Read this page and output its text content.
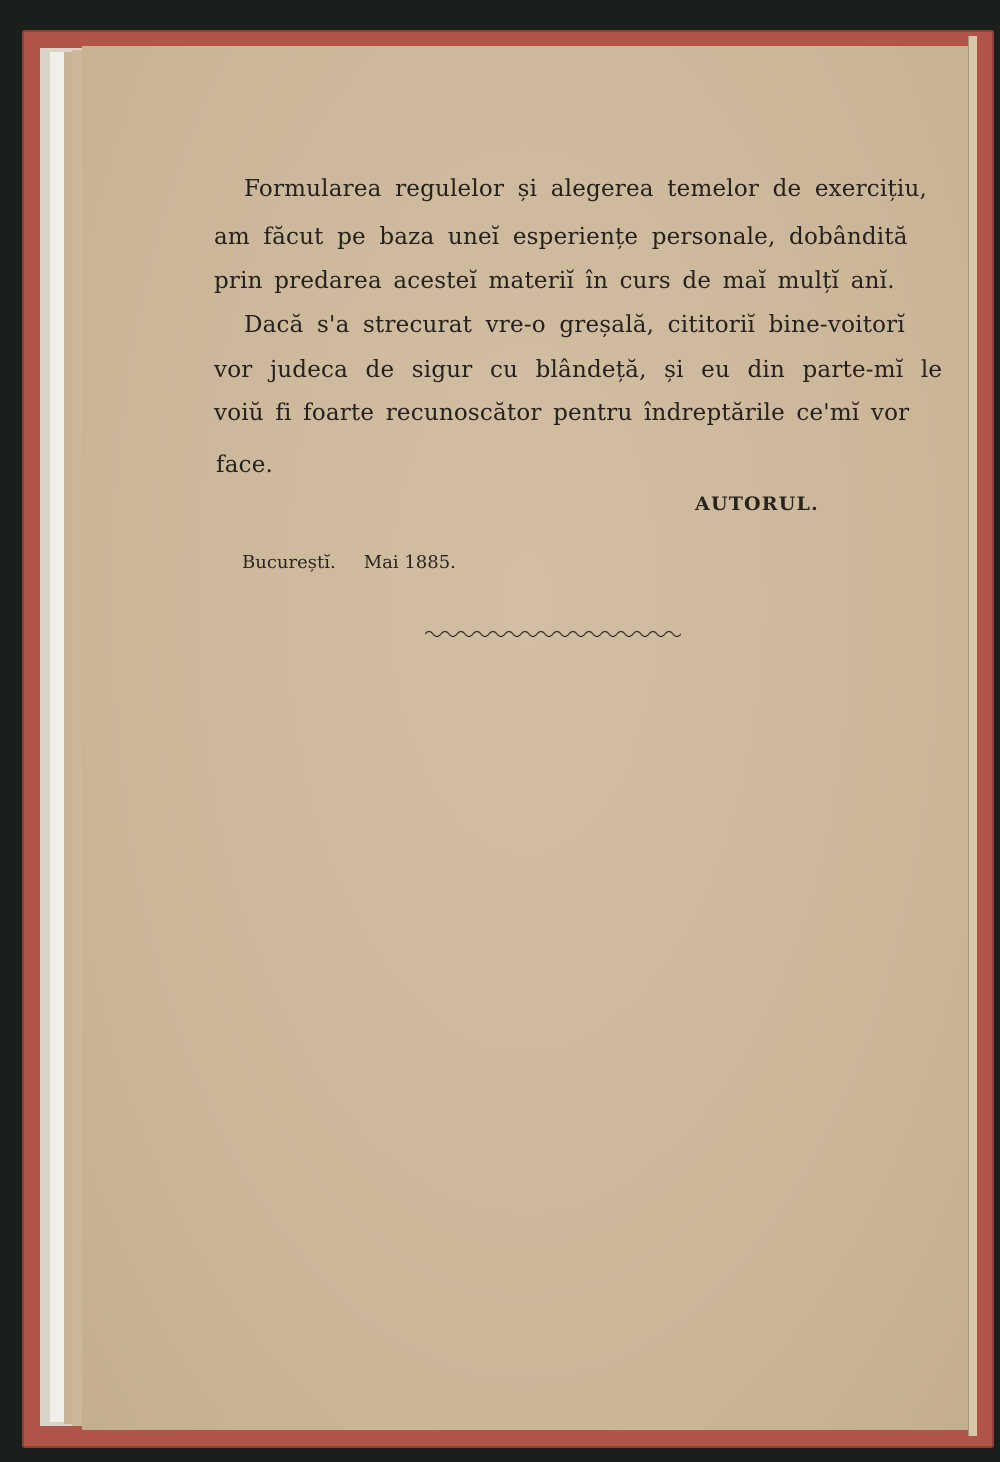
Formularea regulelor și alegerea temelor de exercițiu,
am făcut pe baza uneĭ esperiențe personale, dobândită
prin predarea acesteĭ materiĭ în curs de maĭ mulțĭ anĭ.
Dacă s'a strecurat vre-o greșală, cititoriĭ bine-voitorĭ
vor judeca de sigur cu blândeță, și eu din parte-mĭ le
voiŭ fi foarte recunoscător pentru îndreptările ce'mĭ vor
face.
AUTORUL.
Bucureștĭ. Mai 1885.
